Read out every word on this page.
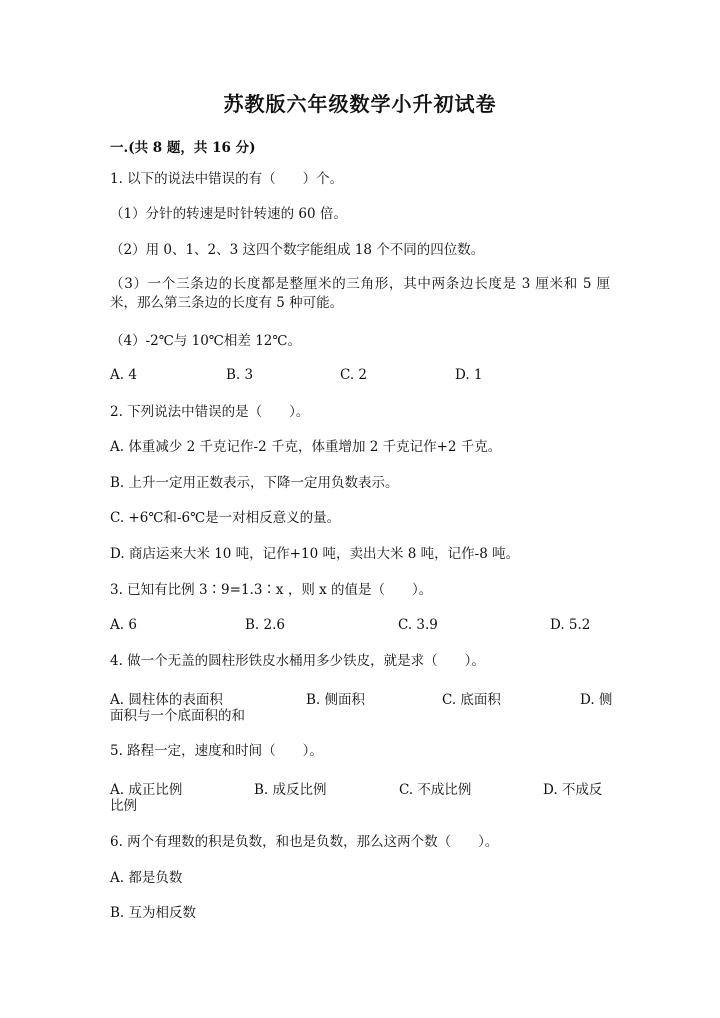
苏教版六年级数学小升初试卷
一.(共 8 题，共 16 分)
1. 以下的说法中错误的有（　　）个。
（1）分针的转速是时针转速的 60 倍。
（2）用 0、1、2、3 这四个数字能组成 18 个不同的四位数。
（3）一个三条边的长度都是整厘米的三角形，其中两条边长度是 3 厘米和 5 厘米，那么第三条边的长度有 5 种可能。
（4）-2℃与 10℃相差 12℃。
A. 4	B. 3	C. 2	D. 1
2. 下列说法中错误的是（　　）。
A. 体重减少 2 千克记作-2 千克，体重增加 2 千克记作+2 千克。
B. 上升一定用正数表示，下降一定用负数表示。
C. +6℃和-6℃是一对相反意义的量。
D. 商店运来大米 10 吨，记作+10 吨，卖出大米 8 吨，记作-8 吨。
3. 已知有比例 3∶9=1.3∶x ，则 x 的值是（　　）。
A. 6	B. 2.6	C. 3.9	D. 5.2
4. 做一个无盖的圆柱形铁皮水桶用多少铁皮，就是求（　　）。
A. 圆柱体的表面积	B. 侧面积	C. 底面积	D. 侧
面积与一个底面积的和
5. 路程一定，速度和时间（　　）。
A. 成正比例	B. 成反比例	C. 不成比例	D. 不成反
比例
6. 两个有理数的积是负数，和也是负数，那么这两个数（　　）。
A. 都是负数
B. 互为相反数
